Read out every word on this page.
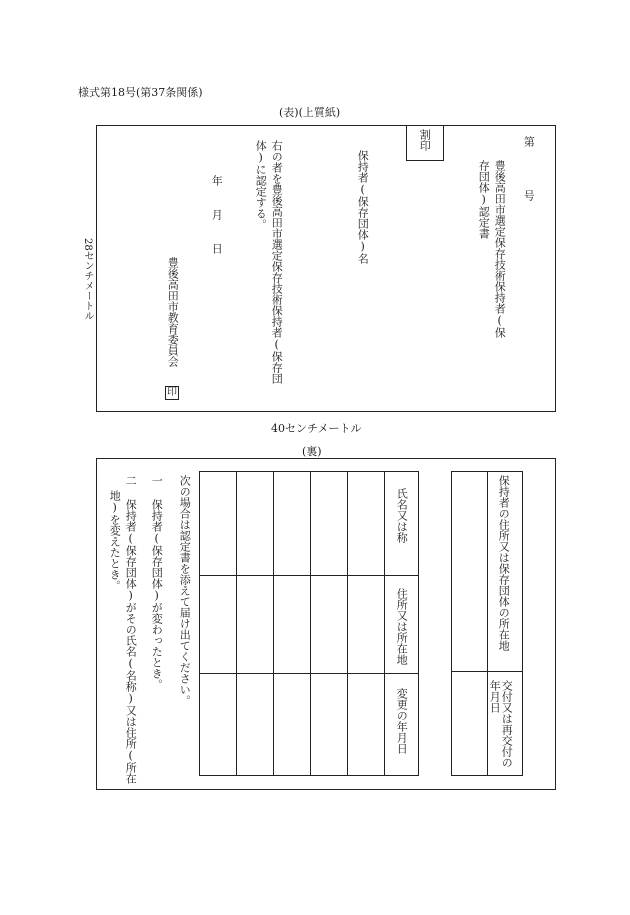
様式第18号(第37条関係)
(表)(上質紙)
28センチメートル
第
号
豊後高田市選定保存技術保持者(保
存団体)認定書
割印
保持者(保存団体)名
右の者を豊後高田市選定保存技術保持者(保存団
体)に認定する。
年
月
日
豊後高田市教育委員会
印
40センチメートル
(裏)
氏名又は称
住所又は所在地
変更の年月日
次の場合は認定書を添えて届け出てください。
一 保持者(保存団体)が変わったとき。
二 保持者(保存団体)がその氏名(名称)又は住所(所在
地)を変えたとき。	保持者の住所又は保存団体の所在地
交付又は再交付の
年月日
